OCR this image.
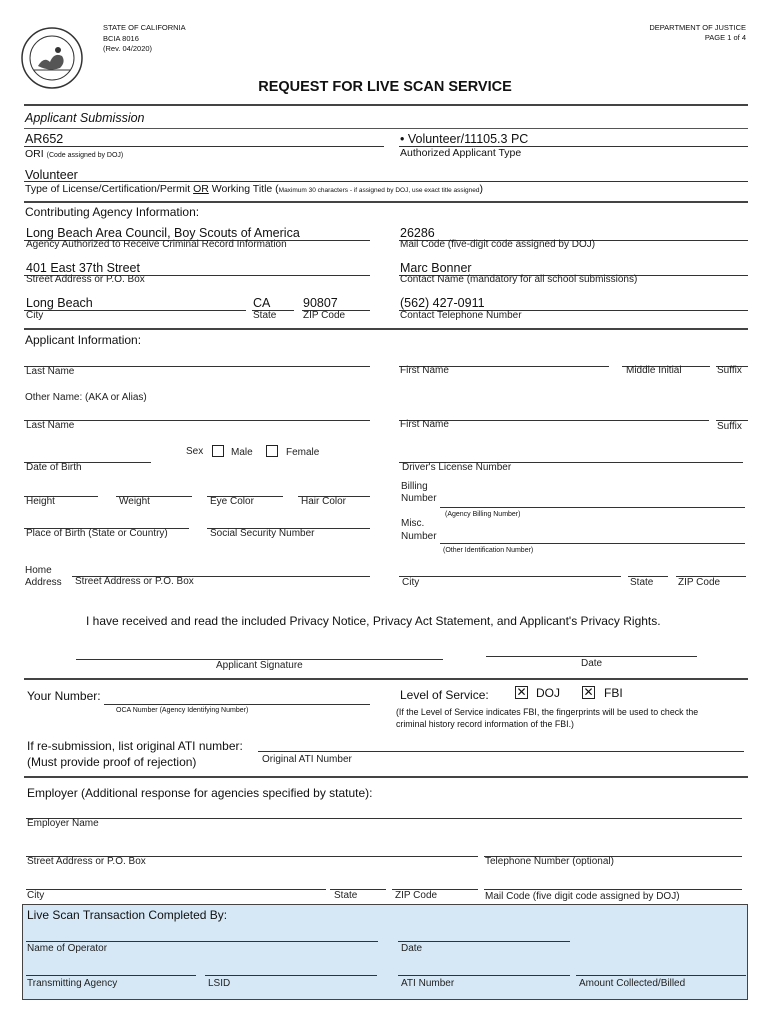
STATE OF CALIFORNIA
BCIA 8016
(Rev. 04/2020)
DEPARTMENT OF JUSTICE
PAGE 1 of 4
REQUEST FOR LIVE SCAN SERVICE
Applicant Submission
AR652
ORI (Code assigned by DOJ)
• Volunteer/11105.3 PC
Authorized Applicant Type
Volunteer
Type of License/Certification/Permit OR Working Title (Maximum 30 characters - if assigned by DOJ, use exact title assigned)
Contributing Agency Information:
Long Beach Area Council, Boy Scouts of America
Agency Authorized to Receive Criminal Record Information
26286
Mail Code (five-digit code assigned by DOJ)
401 East 37th Street
Street Address or P.O. Box
Marc Bonner
Contact Name (mandatory for all school submissions)
Long Beach
City
CA
State
90807
ZIP Code
(562) 427-0911
Contact Telephone Number
Applicant Information:
Last Name	First Name	Middle Initial	Suffix
Other Name: (AKA or Alias)
Last Name	First Name	Suffix
Sex	Male	Female
Date of Birth	Driver's License Number
Height	Weight	Eye Color	Hair Color
Billing
Number
(Agency Billing Number)
Place of Birth (State or Country)	Social Security Number
Misc.
Number
(Other Identification Number)
Home
Address Street Address or P.O. Box	City	State ZIP Code
I have received and read the included Privacy Notice, Privacy Act Statement, and Applicant's Privacy Rights.
Applicant Signature	Date
Your Number:
OCA Number (Agency Identifying Number)
Level of Service: ✕ DOJ ✕ FBI
(If the Level of Service indicates FBI, the fingerprints will be used to check the
criminal history record information of the FBI.)
If re-submission, list original ATI number:
(Must provide proof of rejection)	Original ATI Number
Employer (Additional response for agencies specified by statute):
Employer Name
Street Address or P.O. Box	Telephone Number (optional)
City	State	ZIP Code	Mail Code (five digit code assigned by DOJ)
Live Scan Transaction Completed By:
Name of Operator	Date
Transmitting Agency	LSID	ATI Number	Amount Collected/Billed
